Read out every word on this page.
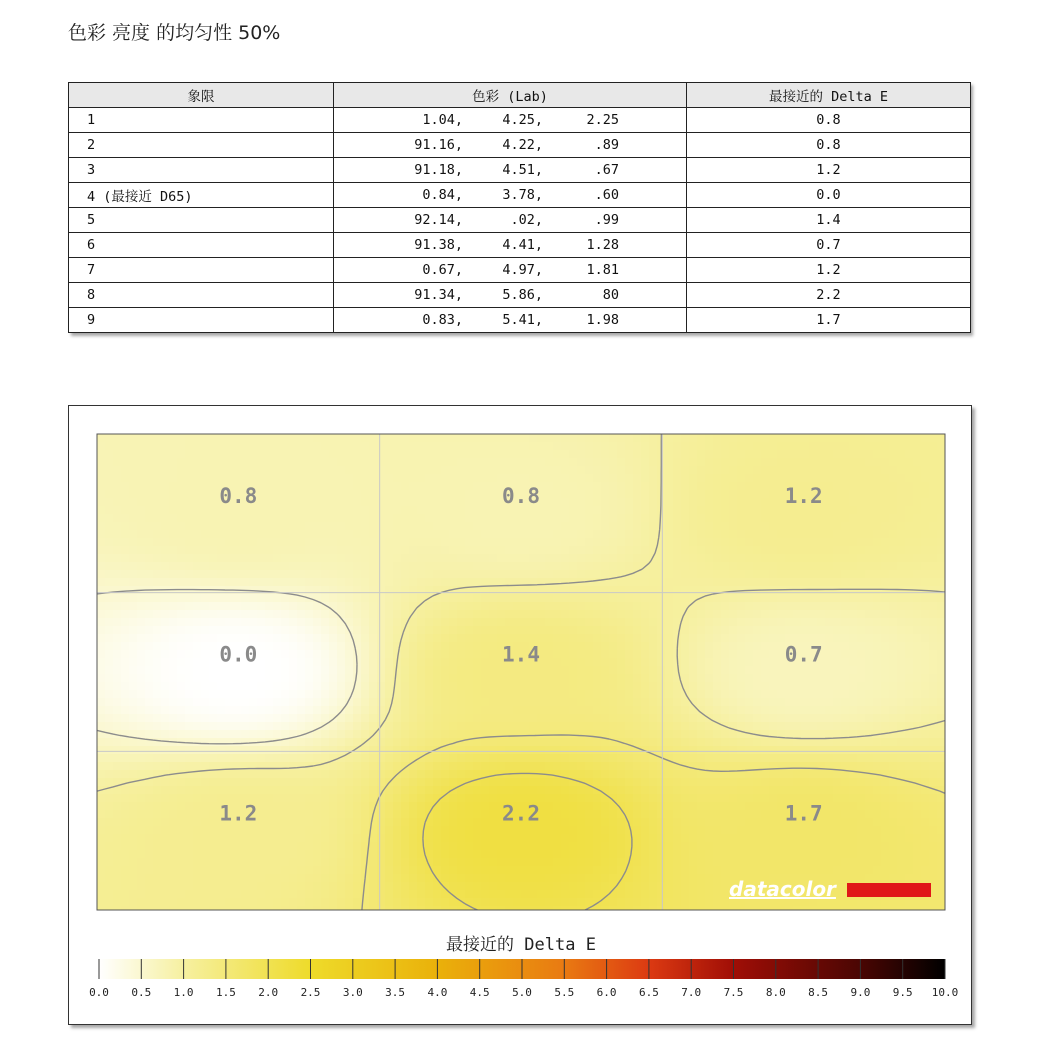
色彩 亮度 的均匀性 50%
象限	色彩 (Lab)	最接近的 Delta E
1	1.04, 4.25, 2.25	0.8
2	91.16, 4.22, .89	0.8
3	91.18, 4.51, .67	1.2
4 (最接近 D65)	0.84, 3.78, .60	0.0
5	92.14, .02, .99	1.4
6	91.38, 4.41, 1.28	0.7
7	0.67, 4.97, 1.81	1.2
8	91.34, 5.86, 80	2.2
9	0.83, 5.41, 1.98	1.7
0.8	0.8	1.2
0.0	1.4	0.7
1.2	2.2	1.7
datacolor
最接近的 Delta E
0.0 0.5 1.0 1.5 2.0 2.5 3.0 3.5 4.0 4.5 5.0 5.5 6.0 6.5 7.0 7.5 8.0 8.5 9.0 9.5 10.0
